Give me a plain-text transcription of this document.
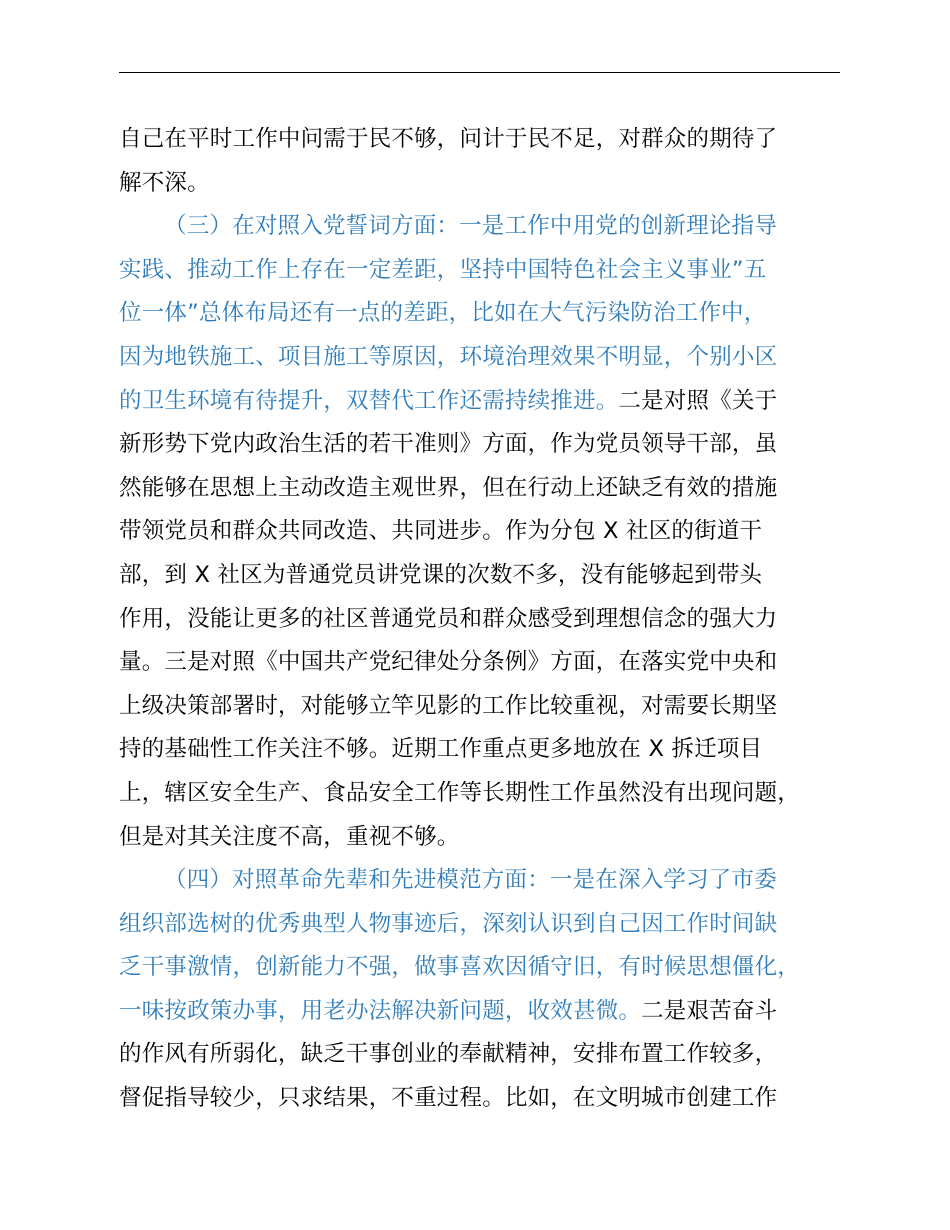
自己在平时工作中问需于民不够，问计于民不足，对群众的期待了
解不深。
（三）在对照入党誓词方面：一是工作中用党的创新理论指导
实践、推动工作上存在一定差距，坚持中国特色社会主义事业”五
位一体”总体布局还有一点的差距，比如在大气污染防治工作中，
因为地铁施工、项目施工等原因，环境治理效果不明显，个别小区
的卫生环境有待提升，双替代工作还需持续推进。二是对照《关于
新形势下党内政治生活的若干准则》方面，作为党员领导干部，虽
然能够在思想上主动改造主观世界，但在行动上还缺乏有效的措施
带领党员和群众共同改造、共同进步。作为分包 X 社区的街道干
部，到 X 社区为普通党员讲党课的次数不多，没有能够起到带头
作用，没能让更多的社区普通党员和群众感受到理想信念的强大力
量。三是对照《中国共产党纪律处分条例》方面，在落实党中央和
上级决策部署时，对能够立竿见影的工作比较重视，对需要长期坚
持的基础性工作关注不够。近期工作重点更多地放在 X 拆迁项目
上，辖区安全生产、食品安全工作等长期性工作虽然没有出现问题，
但是对其关注度不高，重视不够。
（四）对照革命先辈和先进模范方面：一是在深入学习了市委
组织部选树的优秀典型人物事迹后，深刻认识到自己因工作时间缺
乏干事激情，创新能力不强，做事喜欢因循守旧，有时候思想僵化，
一味按政策办事，用老办法解决新问题，收效甚微。二是艰苦奋斗
的作风有所弱化，缺乏干事创业的奉献精神，安排布置工作较多，
督促指导较少，只求结果，不重过程。比如，在文明城市创建工作
